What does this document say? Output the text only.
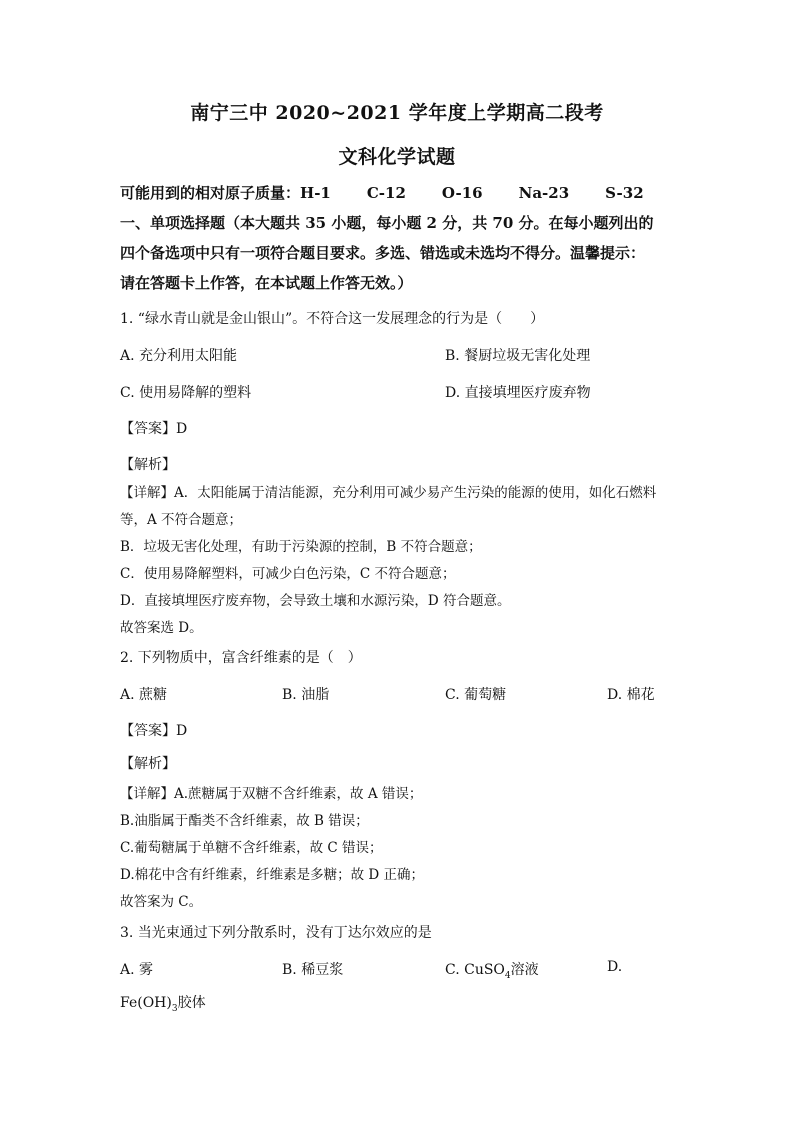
南宁三中 2020~2021 学年度上学期高二段考
文科化学试题
可能用到的相对原子质量：H-1 C-12 O-16 Na-23 S-32
一、单项选择题（本大题共 35 小题，每小题 2 分，共 70 分。在每小题列出的
四个备选项中只有一项符合题目要求。多选、错选或未选均不得分。温馨提示：
请在答题卡上作答，在本试题上作答无效。）
1. “绿水青山就是金山银山”。不符合这一发展理念的行为是（　　）
A. 充分利用太阳能	B. 餐厨垃圾无害化处理
C. 使用易降解的塑料	D. 直接填埋医疗废弃物
【答案】D
【解析】
【详解】A．太阳能属于清洁能源，充分利用可减少易产生污染的能源的使用，如化石燃料
等，A 不符合题意；
B．垃圾无害化处理，有助于污染源的控制，B 不符合题意；
C．使用易降解塑料，可减少白色污染，C 不符合题意；
D．直接填埋医疗废弃物，会导致土壤和水源污染，D 符合题意。
故答案选 D。
2. 下列物质中，富含纤维素的是（　）
A. 蔗糖	B. 油脂	C. 葡萄糖	D. 棉花
【答案】D
【解析】
【详解】A.蔗糖属于双糖不含纤维素，故 A 错误；
B.油脂属于酯类不含纤维素，故 B 错误；
C.葡萄糖属于单糖不含纤维素，故 C 错误；
D.棉花中含有纤维素，纤维素是多糖；故 D 正确；
故答案为 C。
3. 当光束通过下列分散系时，没有丁达尔效应的是
A. 雾	B. 稀豆浆	C. CuSO$_4$溶液	D.
$Fe(OH)_3$胶体
